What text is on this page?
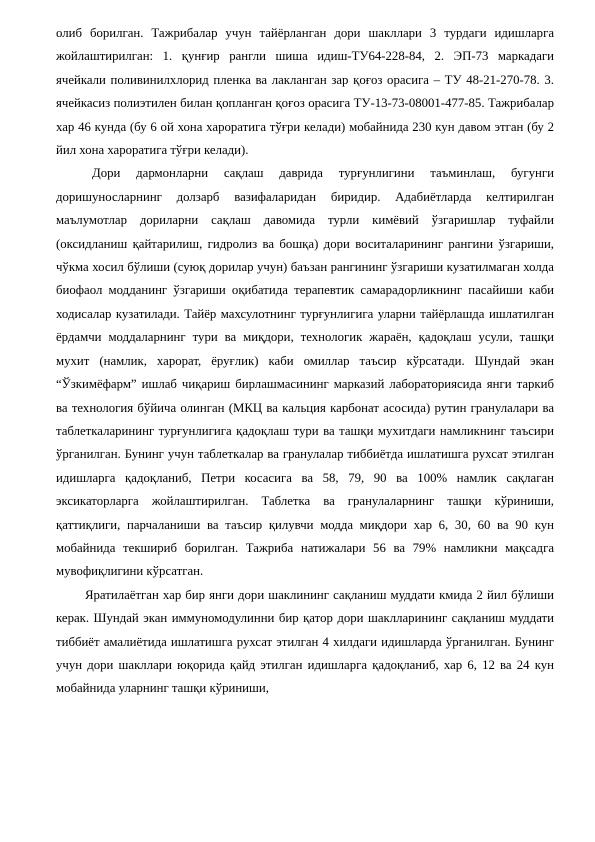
олиб борилган. Тажрибалар учун тайёрланган дори шакллари 3 турдаги идишларга жойлаштирилган: 1. қунғир рангли шиша идиш-ТУ64-228-84, 2. ЭП-73 маркадаги ячейкали поливинилхлорид пленка ва лакланган зар қоғоз орасига – ТУ 48-21-270-78. 3. ячейкасиз полиэтилен билан қопланган қоғоз орасига ТУ-13-73-08001-477-85. Тажрибалар хар 46 кунда (бу 6 ой хона хароратига тўғри келади) мобайнида 230 кун давом этган (бу 2 йил хона хароратига тўғри келади).

Дори дармонларни сақлаш даврида турғунлигини таъминлаш, бугунги доришуносларнинг долзарб вазифаларидан биридир. Адабиётларда келтирилган маълумотлар дориларни сақлаш давомида турли кимёвий ўзгаришлар туфайли (оксидланиш қайтарилиш, гидролиз ва бошқа) дори воситаларининг рангини ўзгариши, чўкма хосил бўлиши (суюқ дорилар учун) баъзан рангининг ўзгариши кузатилмаган холда биофаол модданинг ўзгариши оқибатида терапевтик самарадорликнинг пасайиши каби ходисалар кузатилади. Тайёр махсулотнинг турғунлигига уларни тайёрлашда ишлатилган ёрдамчи моддаларнинг тури ва миқдори, технологик жараён, қадоқлаш усули, ташқи мухит (намлик, харорат, ёруғлик) каби омиллар таъсир кўрсатади. Шундай экан “Ўзкимёфарм” ишлаб чиқариш бирлашмасининг марказий лабораториясида янги таркиб ва технология бўйича олинган (МКЦ ва кальция карбонат асосида) рутин гранулалари ва таблеткаларининг турғунлигига қадоқлаш тури ва ташқи мухитдаги намликнинг таъсири ўрганилган. Бунинг учун таблеткалар ва гранулалар тиббиётда ишлатишга рухсат этилган идишларга қадоқланиб, Петри косасига ва 58, 79, 90 ва 100% намлик сақлаган эксикаторларга жойлаштирилган. Таблетка ва гранулаларнинг ташқи кўриниши, қаттиқлиги, парчаланиши ва таъсир қилувчи модда миқдори хар 6, 30, 60 ва 90 кун мобайнида текшириб борилган. Тажриба натижалари 56 ва 79% намликни мақсадга мувофиқлигини кўрсатган.

Яратилаётган хар бир янги дори шаклининг сақланиш муддати кмида 2 йил бўлиши керак. Шундай экан иммуномодулинни бир қатор дори шаклларининг сақланиш муддати тиббиёт амалиётида ишлатишга рухсат этилган 4 хилдаги идишларда ўрганилган. Бунинг учун дори шакллари юқорида қайд этилган идишларга қадоқланиб, хар 6, 12 ва 24 кун мобайнида уларнинг ташқи кўриниши,
